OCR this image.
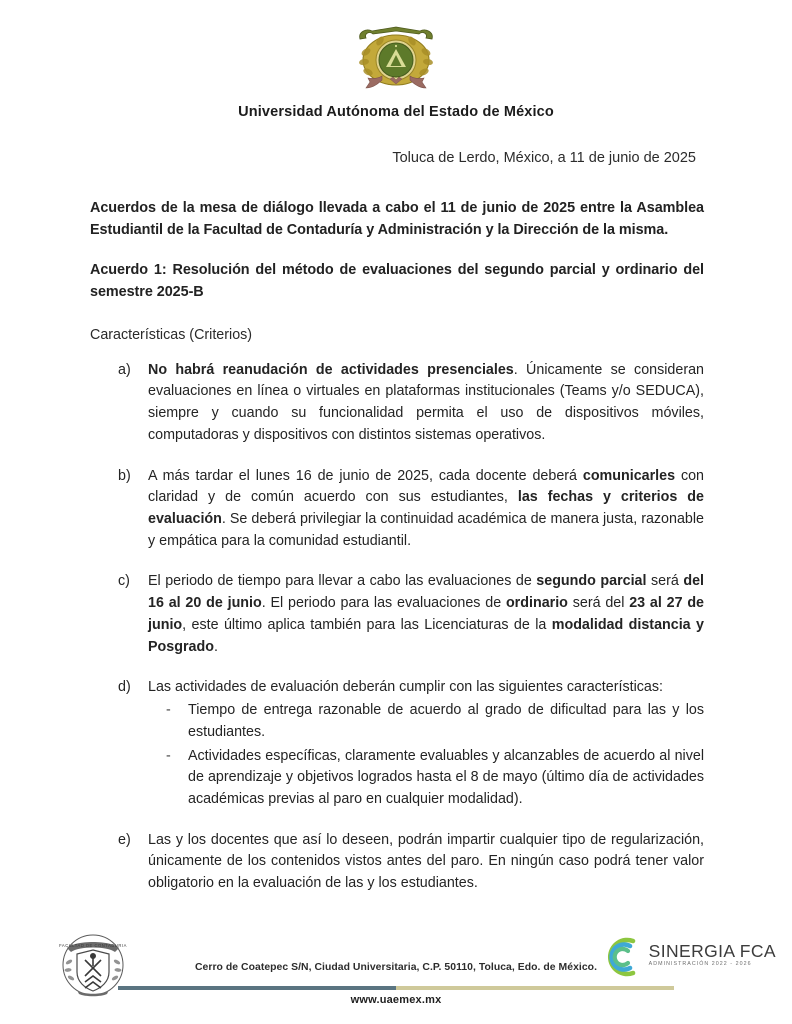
Universidad Autónoma del Estado de México
Toluca de Lerdo, México, a 11 de junio de 2025

Acuerdos de la mesa de diálogo llevada a cabo el 11 de junio de 2025 entre la Asamblea Estudiantil de la Facultad de Contaduría y Administración y la Dirección de la misma.

Acuerdo 1: Resolución del método de evaluaciones del segundo parcial y ordinario del semestre 2025-B

Características (Criterios)

a)	No habrá reanudación de actividades presenciales. Únicamente se consideran evaluaciones en línea o virtuales en plataformas institucionales (Teams y/o SEDUCA), siempre y cuando su funcionalidad permita el uso de dispositivos móviles, computadoras y dispositivos con distintos sistemas operativos.
b)	A más tardar el lunes 16 de junio de 2025, cada docente deberá comunicarles con claridad y de común acuerdo con sus estudiantes, las fechas y criterios de evaluación. Se deberá privilegiar la continuidad académica de manera justa, razonable y empática para la comunidad estudiantil.
c)	El periodo de tiempo para llevar a cabo las evaluaciones de segundo parcial será del 16 al 20 de junio. El periodo para las evaluaciones de ordinario será del 23 al 27 de junio, este último aplica también para las Licenciaturas de la modalidad distancia y Posgrado.
d)	Las actividades de evaluación deberán cumplir con las siguientes características:
- Tiempo de entrega razonable de acuerdo al grado de dificultad para las y los estudiantes.
- Actividades específicas, claramente evaluables y alcanzables de acuerdo al nivel de aprendizaje y objetivos logrados hasta el 8 de mayo (último día de actividades académicas previas al paro en cualquier modalidad).
e)	Las y los docentes que así lo deseen, podrán impartir cualquier tipo de regularización, únicamente de los contenidos vistos antes del paro. En ningún caso podrá tener valor obligatorio en la evaluación de las y los estudiantes.
FACULTAD DE CONTADURIA
Cerro de Coatepec S/N, Ciudad Universitaria, C.P. 50110, Toluca, Edo. de México.
www.uaemex.mx
SINERGIA FCA
ADMINISTRACIÓN 2022 - 2026
